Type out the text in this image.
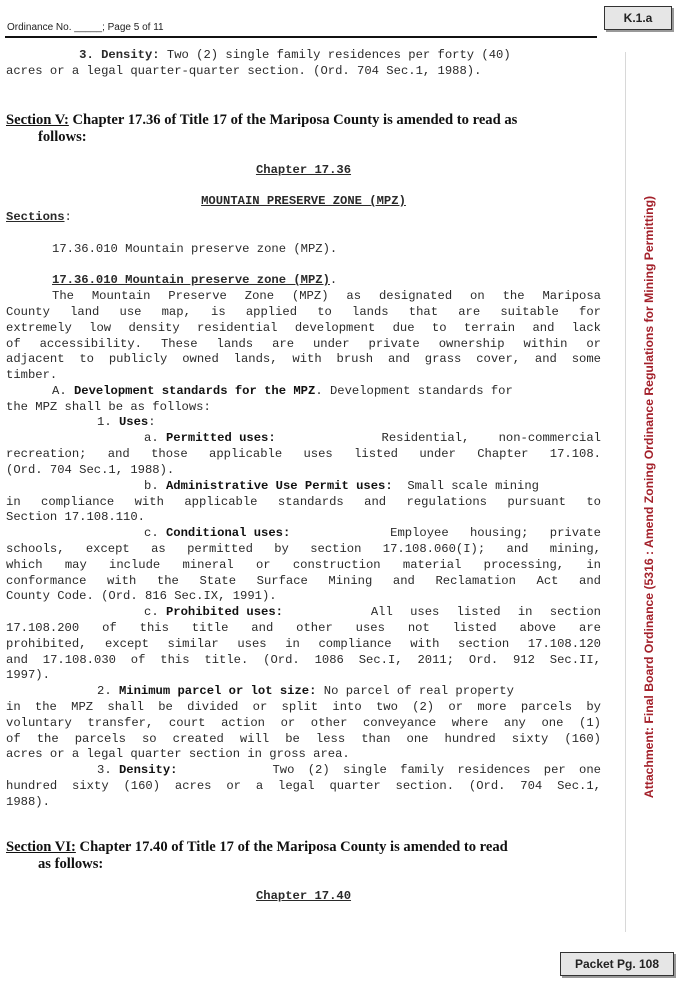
Ordinance No. _____; Page 5 of 11
K.1.a
Attachment: Final Board Ordinance (5316 : Amend Zoning Ordinance Regulations for Mining Permitting)
3. Density: Two (2) single family residences per forty (40)
acres or a legal quarter-quarter section. (Ord. 704 Sec.1, 1988).
Section V: Chapter 17.36 of Title 17 of the Mariposa County is amended to read as
follows:
Chapter 17.36
MOUNTAIN PRESERVE ZONE (MPZ)
Sections:
17.36.010 Mountain preserve zone (MPZ).
17.36.010 Mountain preserve zone (MPZ).
The Mountain Preserve Zone (MPZ) as designated on the Mariposa
County land use map, is applied to lands that are suitable for
extremely low density residential development due to terrain and lack
of accessibility. These lands are under private ownership within or
adjacent to publicly owned lands, with brush and grass cover, and some
timber.
A. Development standards for the MPZ. Development standards for
the MPZ shall be as follows:
1. Uses:
a. Permitted uses:	Residential, non-commercial
recreation; and those applicable uses listed under Chapter 17.108.
(Ord. 704 Sec.1, 1988).
b. Administrative Use Permit uses:  Small scale mining
in compliance with applicable standards and regulations pursuant to
Section 17.108.110.
c. Conditional uses:	Employee housing; private
schools, except as permitted by section 17.108.060(I); and mining,
which may include mineral or construction material processing, in
conformance with the State Surface Mining and Reclamation Act and
County Code. (Ord. 816 Sec.IX, 1991).
c. Prohibited uses:	All uses listed in section
17.108.200 of this title and other uses not listed above are
prohibited, except similar uses in compliance with section 17.108.120
and 17.108.030 of this title. (Ord. 1086 Sec.I, 2011; Ord. 912 Sec.II,
1997).
2. Minimum parcel or lot size: No parcel of real property
in the MPZ shall be divided or split into two (2) or more parcels by
voluntary transfer, court action or other conveyance where any one (1)
of the parcels so created will be less than one hundred sixty (160)
acres or a legal quarter section in gross area.
3. Density:	Two (2) single family residences per one
hundred sixty (160) acres or a legal quarter section. (Ord. 704 Sec.1,
1988).
Section VI: Chapter 17.40 of Title 17 of the Mariposa County is amended to read
as follows:
Chapter 17.40
Packet Pg. 108
